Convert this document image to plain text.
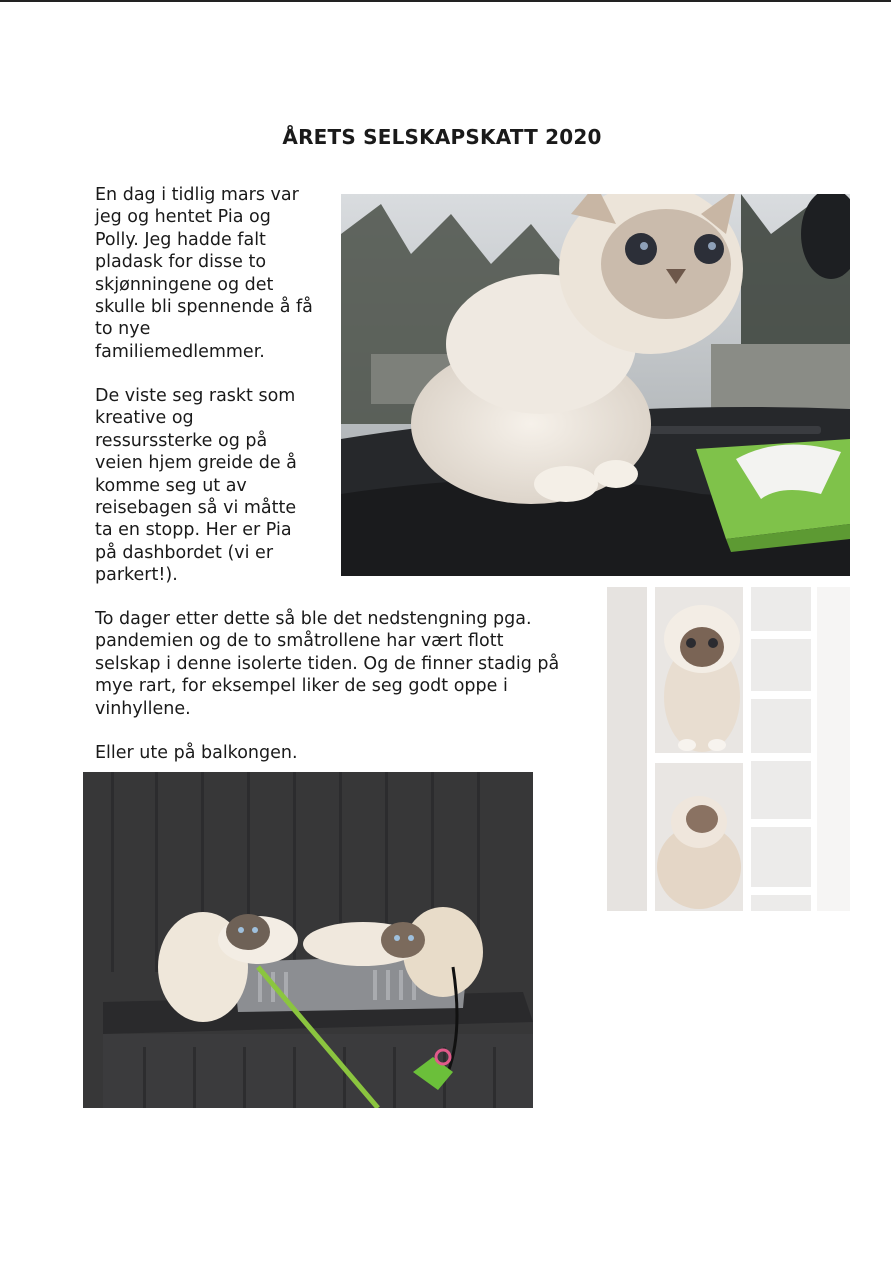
ÅRETS SELSKAPSKATT 2020

En dag i tidlig mars var
jeg og hentet Pia og
Polly. Jeg hadde falt
pladask for disse to
skjønningene og det
skulle bli spennende å få
to nye
familiemedlemmer.

De viste seg raskt som
kreative og
ressurssterke og på
veien hjem greide de å
komme seg ut av
reisebagen så vi måtte
ta en stopp. Her er Pia
på dashbordet (vi er
parkert!).

To dager etter dette så ble det nedstengning pga.
pandemien og de to småtrollene har vært flott
selskap i denne isolerte tiden. Og de finner stadig på
mye rart, for eksempel liker de seg godt oppe i
vinhyllene.

Eller ute på balkongen.
